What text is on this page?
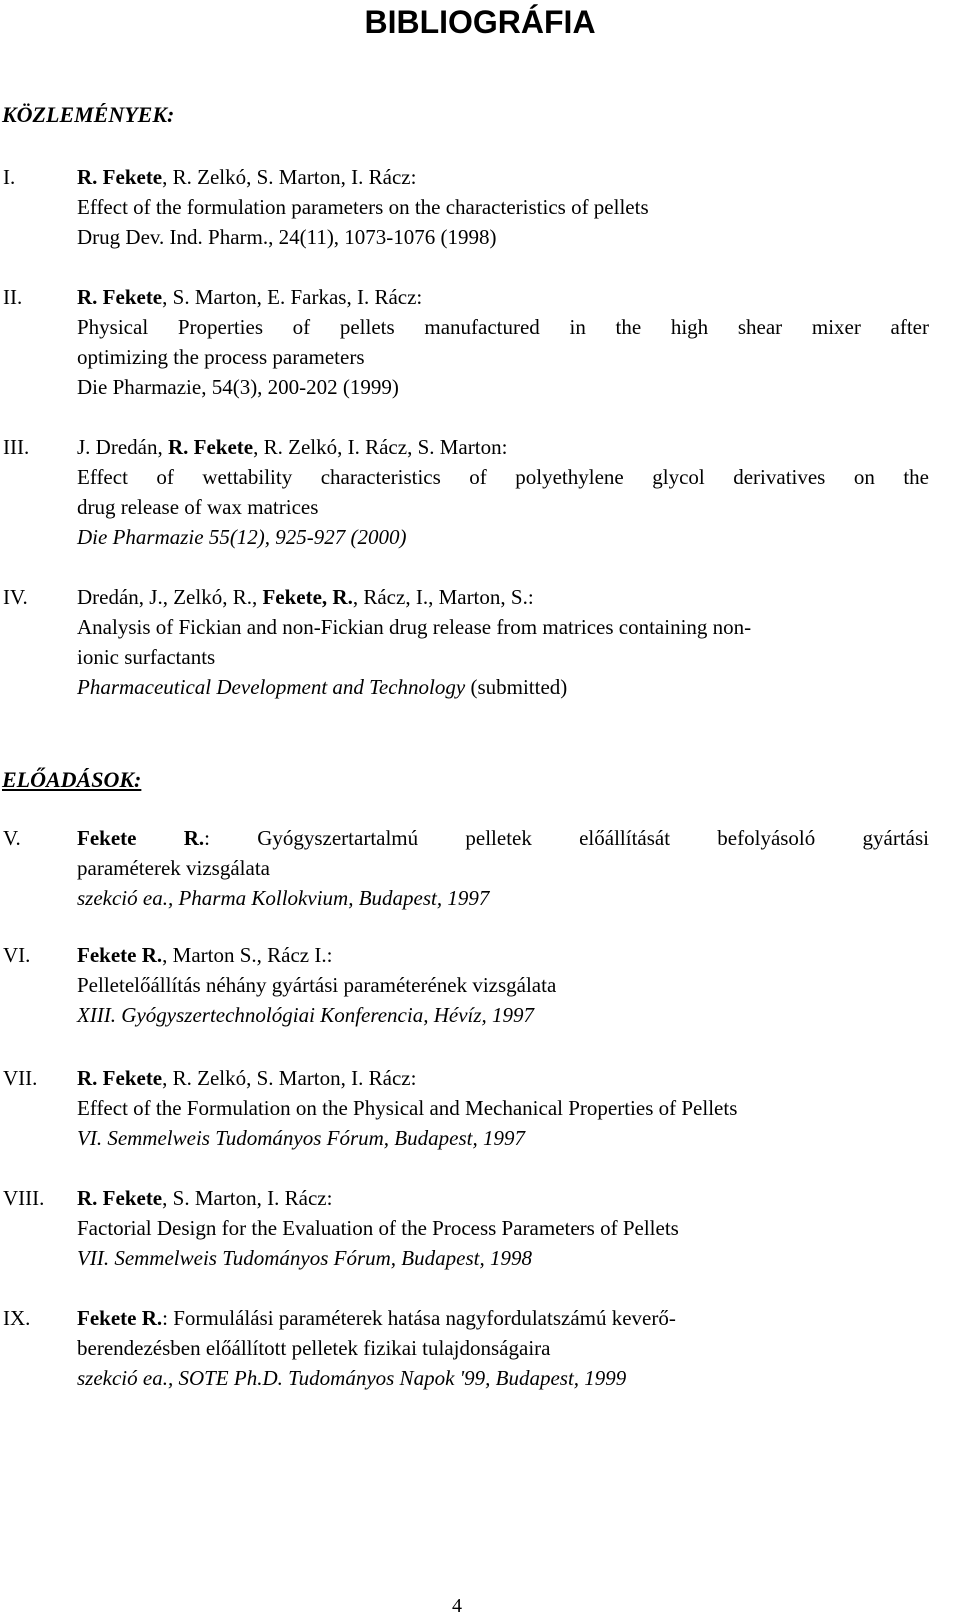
BIBLIOGRÁFIA
KÖZLEMÉNYEK:
I.	R. Fekete, R. Zelkó, S. Marton, I. Rácz:
Effect of the formulation parameters on the characteristics of pellets
Drug Dev. Ind. Pharm., 24(11), 1073-1076 (1998)
II.	R. Fekete, S. Marton, E. Farkas, I. Rácz:
Physical Properties of pellets manufactured in the high shear mixer after
optimizing the process parameters
Die Pharmazie, 54(3), 200-202 (1999)
III. J. Dredán, R. Fekete, R. Zelkó, I. Rácz, S. Marton:
Effect of wettability characteristics of polyethylene glycol derivatives on the
drug release of wax matrices
Die Pharmazie 55(12), 925-927 (2000)
IV. Dredán, J., Zelkó, R., Fekete, R., Rácz, I., Marton, S.:
Analysis of Fickian and non-Fickian drug release from matrices containing non-
ionic surfactants
Pharmaceutical Development and Technology (submitted)
ELŐADÁSOK:
V.	Fekete R.: Gyógyszertartalmú pelletek előállítását befolyásoló gyártási
paraméterek vizsgálata
szekció ea., Pharma Kollokvium, Budapest, 1997
VI. Fekete R., Marton S., Rácz I.:
Pelletelőállítás néhány gyártási paraméterének vizsgálata
XIII. Gyógyszertechnológiai Konferencia, Hévíz, 1997
VII. R. Fekete, R. Zelkó, S. Marton, I. Rácz:
Effect of the Formulation on the Physical and Mechanical Properties of Pellets
VI. Semmelweis Tudományos Fórum, Budapest, 1997
VIII. R. Fekete, S. Marton, I. Rácz:
Factorial Design for the Evaluation of the Process Parameters of Pellets
VII. Semmelweis Tudományos Fórum, Budapest, 1998
IX. Fekete R.: Formulálási paraméterek hatása nagyfordulatszámú keverő-
berendezésben előállított pelletek fizikai tulajdonságaira
szekció ea., SOTE Ph.D. Tudományos Napok '99, Budapest, 1999
4
